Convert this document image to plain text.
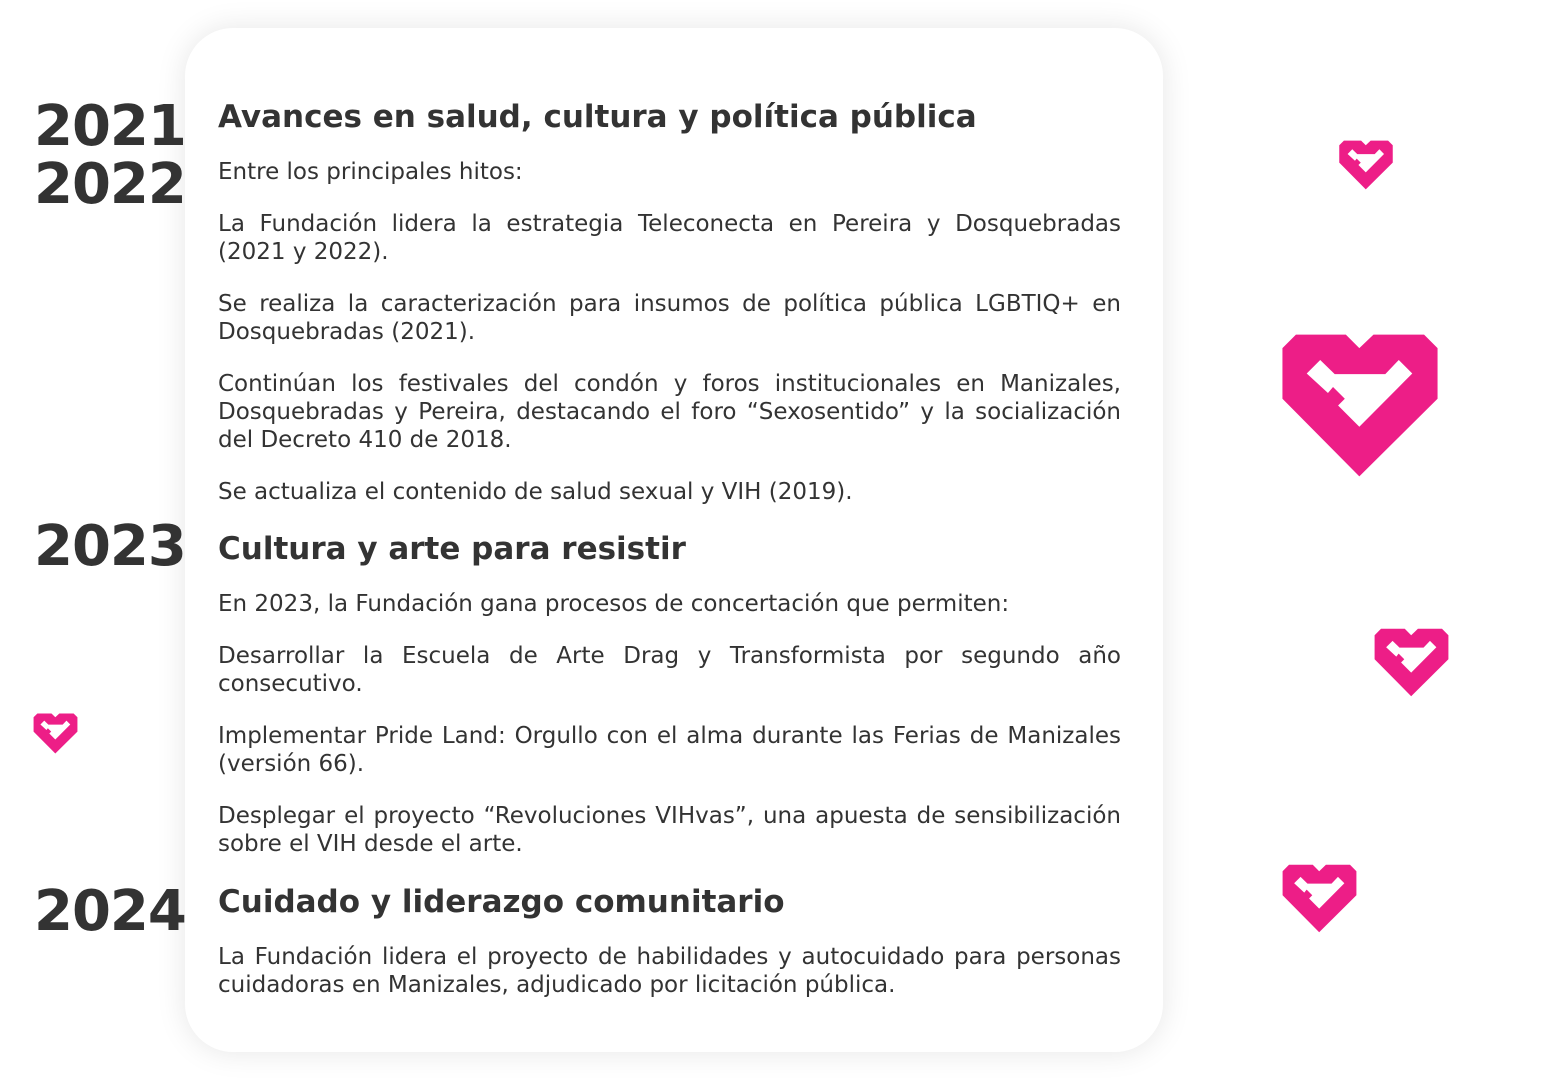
2021
2022
Avances en salud, cultura y política pública
Entre los principales hitos:
La Fundación lidera la estrategia Teleconecta en Pereira y Dosquebradas (2021 y 2022).
Se realiza la caracterización para insumos de política pública LGBTIQ+ en Dosquebradas (2021).
Continúan los festivales del condón y foros institucionales en Manizales, Dosquebradas y Pereira, destacando el foro “Sexosentido” y la socialización del Decreto 410 de 2018.
Se actualiza el contenido de salud sexual y VIH (2019).
2023 Cultura y arte para resistir
En 2023, la Fundación gana procesos de concertación que permiten:
Desarrollar la Escuela de Arte Drag y Transformista por segundo año consecutivo.
Implementar Pride Land: Orgullo con el alma durante las Ferias de Manizales (versión 66).
Desplegar el proyecto “Revoluciones VIHvas”, una apuesta de sensibilización sobre el VIH desde el arte.
2024 Cuidado y liderazgo comunitario
La Fundación lidera el proyecto de habilidades y autocuidado para personas cuidadoras en Manizales, adjudicado por licitación pública.
